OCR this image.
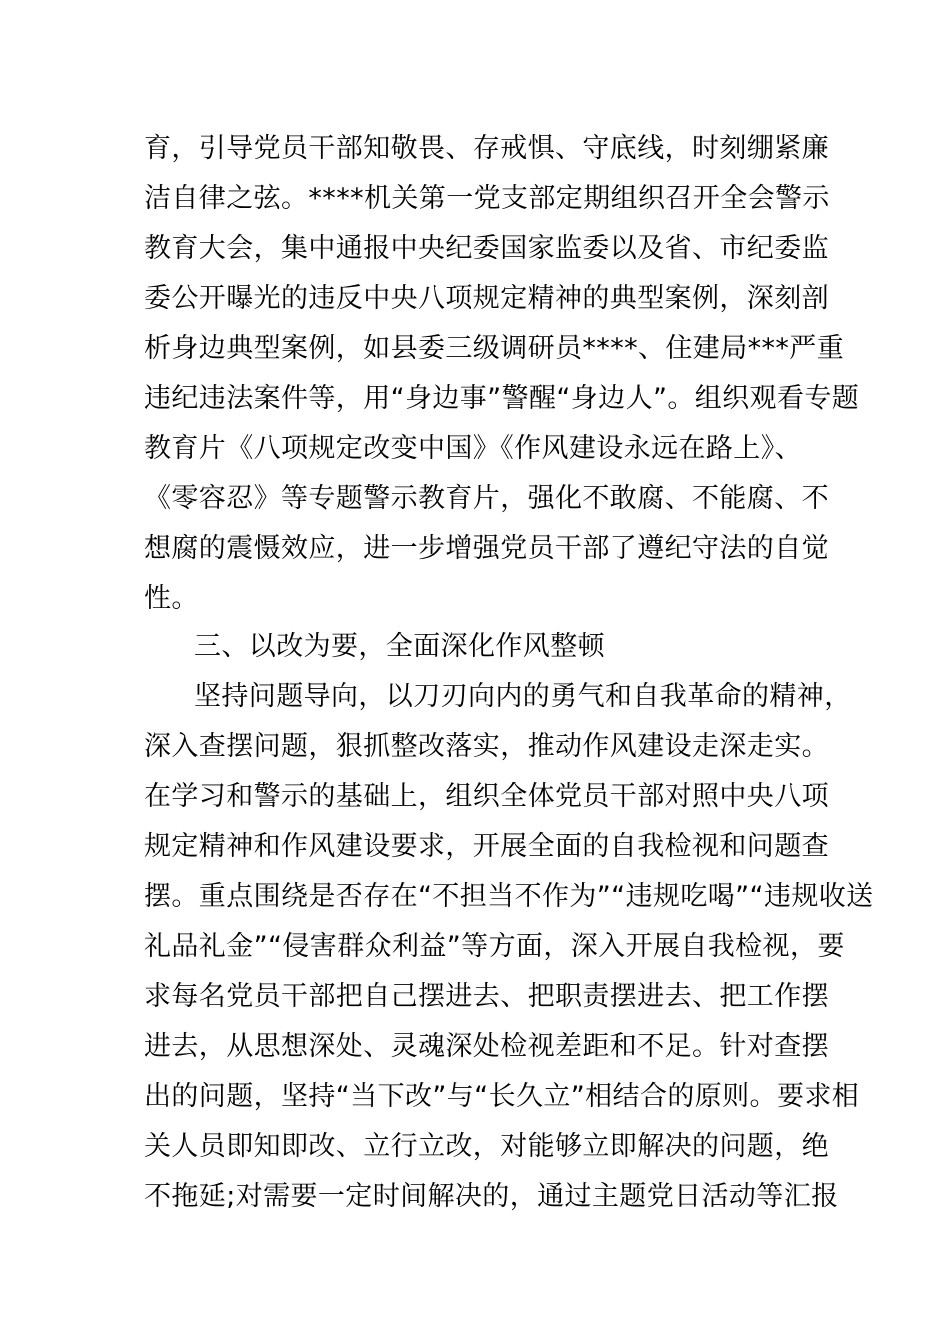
育，引导党员干部知敬畏、存戒惧、守底线，时刻绷紧廉
洁自律之弦。****机关第一党支部定期组织召开全会警示
教育大会，集中通报中央纪委国家监委以及省、市纪委监
委公开曝光的违反中央八项规定精神的典型案例，深刻剖
析身边典型案例，如县委三级调研员****、住建局***严重
违纪违法案件等，用“身边事”警醒“身边人”。组织观看专题
教育片《八项规定改变中国》《作风建设永远在路上》、
《零容忍》等专题警示教育片，强化不敢腐、不能腐、不
想腐的震慑效应，进一步增强党员干部了遵纪守法的自觉
性。
三、以改为要，全面深化作风整顿
坚持问题导向，以刀刃向内的勇气和自我革命的精神，
深入查摆问题，狠抓整改落实，推动作风建设走深走实。
在学习和警示的基础上，组织全体党员干部对照中央八项
规定精神和作风建设要求，开展全面的自我检视和问题查
摆。重点围绕是否存在“不担当不作为”“违规吃喝”“违规收送
礼品礼金”“侵害群众利益”等方面，深入开展自我检视，要
求每名党员干部把自己摆进去、把职责摆进去、把工作摆
进去，从思想深处、灵魂深处检视差距和不足。针对查摆
出的问题，坚持“当下改”与“长久立”相结合的原则。要求相
关人员即知即改、立行立改，对能够立即解决的问题，绝
不拖延;对需要一定时间解决的，通过主题党日活动等汇报
